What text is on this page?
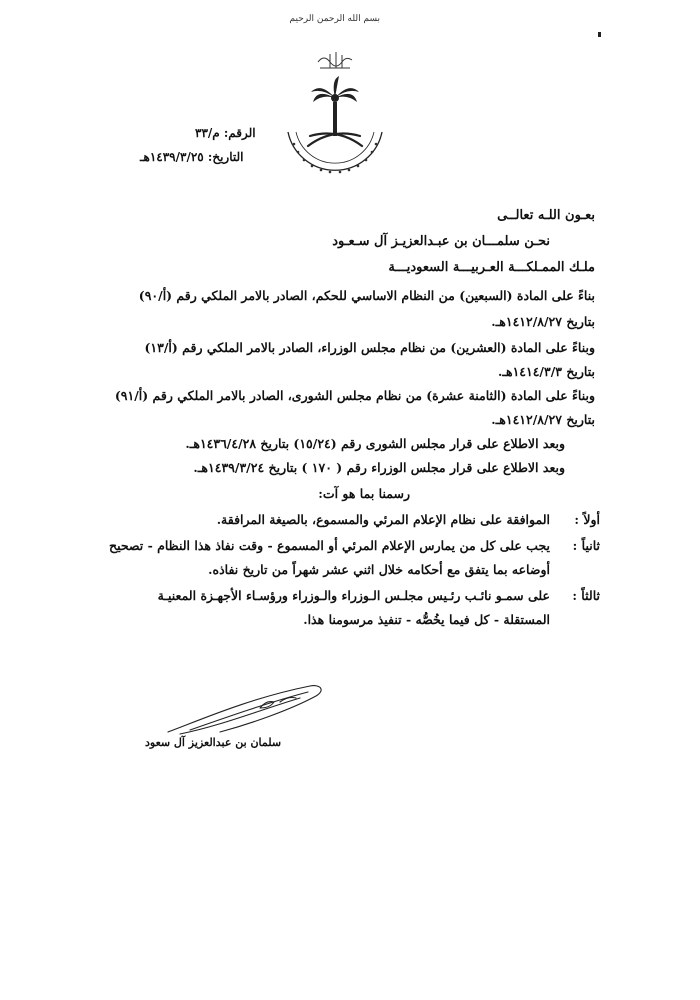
بسم الله الرحمن الرحيم
الرقم: م/٣٣
التاريخ: ١٤٣٩/٣/٢٥هـ
بعـون اللـه تعالــى
نحـن سلمـــان بن عبـدالعزيـز آل سـعـود
ملـك الممـلكـــة العـربيـــة السعوديـــة
بناءً على المادة (السبعين) من النظام الاساسي للحكم، الصادر بالامر الملكي رقم (أ/٩٠)
بتاريخ ١٤١٢/٨/٢٧هـ.
وبناءً على المادة (العشرين) من نظام مجلس الوزراء، الصادر بالامر الملكي رقم (أ/١٣)
بتاريخ ١٤١٤/٣/٣هـ.
وبناءً على المادة (الثامنة عشرة) من نظام مجلس الشورى، الصادر بالامر الملكي رقم (أ/٩١)
بتاريخ ١٤١٢/٨/٢٧هـ.
وبعد الاطلاع على قرار مجلس الشورى رقم (١٥/٢٤) بتاريخ ١٤٣٦/٤/٢٨هـ.
وبعد الاطلاع على قرار مجلس الوزراء رقم ( ١٧٠ ) بتاريخ ١٤٣٩/٣/٢٤هـ.
رسمنا بما هو آت:
أولاً :
الموافقة على نظام الإعلام المرئي والمسموع، بالصيغة المرافقة.
ثانياً :
يجب على كل من يمارس الإعلام المرئي أو المسموع - وقت نفاذ هذا النظام - تصحيح
أوضاعه بما يتفق مع أحكامه خلال اثني عشر شهراً من تاريخ نفاذه.
ثالثاً :
على سمـو نائـب رئـيس مجلـس الـوزراء والـوزراء ورؤسـاء الأجهـزة المعنيـة
المستقلة - كل فيما يخُصُّه - تنفيذ مرسومنا هذا.
سلمان بن عبدالعزيز آل سعود
